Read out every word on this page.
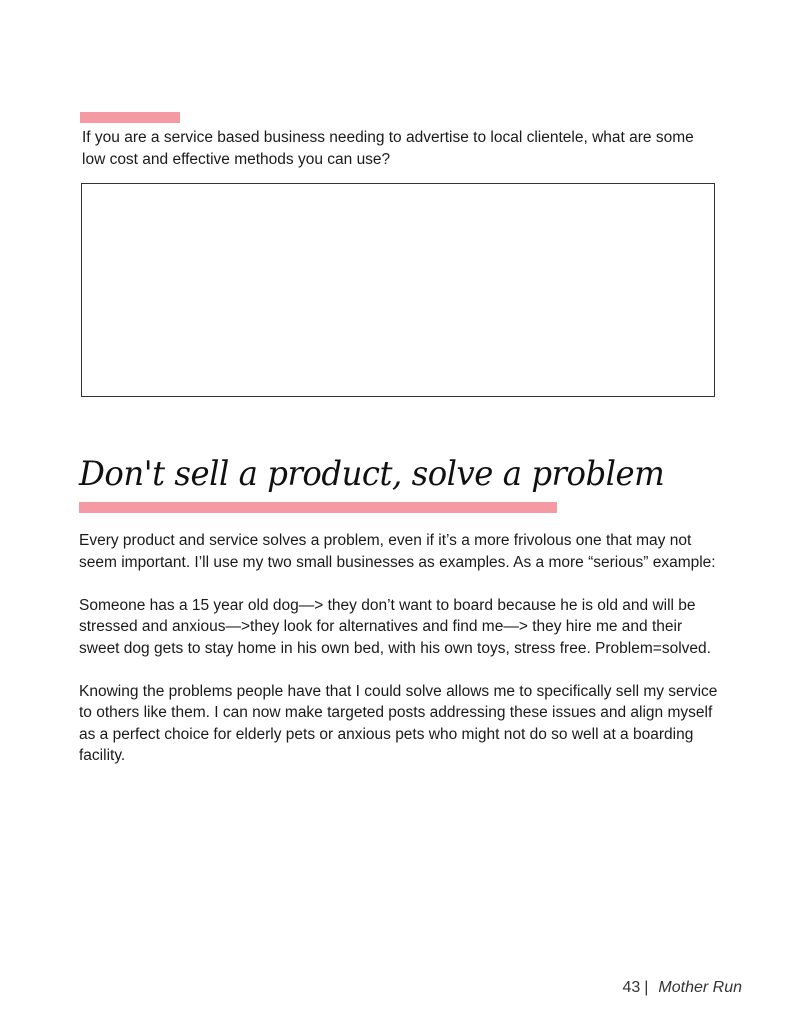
If you are a service based business needing to advertise to local clientele, what are some low cost and effective methods you can use?

Don't sell a product, solve a problem

Every product and service solves a problem, even if it’s a more frivolous one that may not seem important. I’ll use my two small businesses as examples. As a more “serious” example:

Someone has a 15 year old dog—> they don’t want to board because he is old and will be stressed and anxious—>they look for alternatives and find me—> they hire me and their sweet dog gets to stay home in his own bed, with his own toys, stress free. Problem=solved.

Knowing the problems people have that I could solve allows me to specifically sell my service to others like them. I can now make targeted posts addressing these issues and align myself as a perfect choice for elderly pets or anxious pets who might not do so well at a boarding facility.

43 | Mother Run
